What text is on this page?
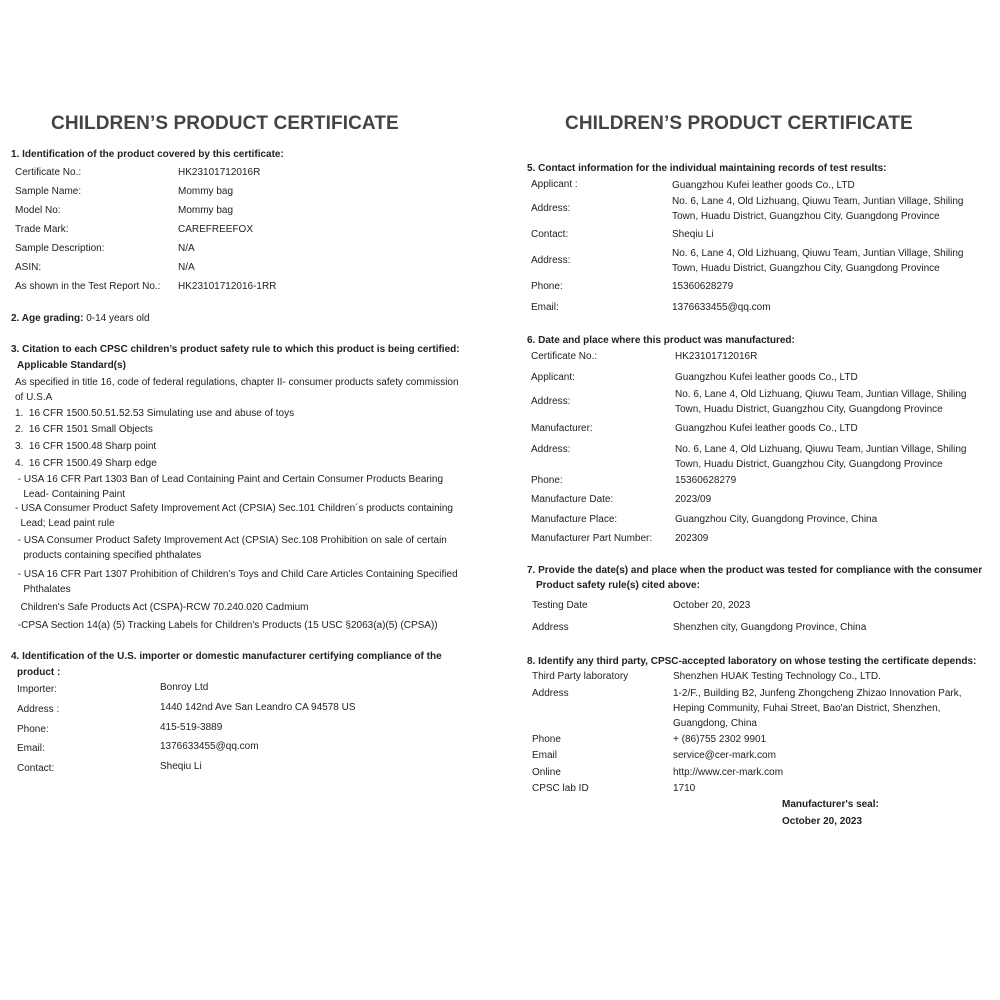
CHILDREN’S PRODUCT CERTIFICATE
1. Identification of the product covered by this certificate:
Certificate No.:	HK23101712016R
Sample Name:	Mommy bag
Model No:	Mommy bag
Trade Mark:	CAREFREEFOX
Sample Description:	N/A
ASIN:	N/A
As shown in the Test Report No.: HK23101712016-1RR
2. Age grading: 0-14 years old
3. Citation to each CPSC children’s product safety rule to which this product is being certified:
Applicable Standard(s)
As specified in title 16, code of federal regulations, chapter II- consumer products safety commission
of U.S.A
1.  16 CFR 1500.50.51.52.53 Simulating use and abuse of toys
2.  16 CFR 1501 Small Objects
3.  16 CFR 1500.48 Sharp point
4.  16 CFR 1500.49 Sharp edge
- USA 16 CFR Part 1303 Ban of Lead Containing Paint and Certain Consumer Products Bearing
Lead- Containing Paint
- USA Consumer Product Safety Improvement Act (CPSIA) Sec.101 Children´s products containing
Lead; Lead paint rule
- USA Consumer Product Safety Improvement Act (CPSIA) Sec.108 Prohibition on sale of certain
products containing specified phthalates
- USA 16 CFR Part 1307 Prohibition of Children’s Toys and Child Care Articles Containing Specified
Phthalates
Children's Safe Products Act (CSPA)-RCW 70.240.020 Cadmium
-CPSA Section 14(a) (5) Tracking Labels for Children's Products (15 USC §2063(a)(5) (CPSA))
4. Identification of the U.S. importer or domestic manufacturer certifying compliance of the
product :
Importer:	Bonroy Ltd
Address :	1440 142nd Ave San Leandro CA 94578 US
Phone:	415-519-3889
Email:	1376633455@qq.com
Contact:	Sheqiu Li
CHILDREN’S PRODUCT CERTIFICATE
5. Contact information for the individual maintaining records of test results:
Applicant :	Guangzhou Kufei leather goods Co., LTD
Address:
No. 6, Lane 4, Old Lizhuang, Qiuwu Team, Juntian Village, Shiling
Town, Huadu District, Guangzhou City, Guangdong Province
Contact:	Sheqiu Li
Address:
No. 6, Lane 4, Old Lizhuang, Qiuwu Team, Juntian Village, Shiling
Town, Huadu District, Guangzhou City, Guangdong Province
Phone:	15360628279
Email:	1376633455@qq.com
6. Date and place where this product was manufactured:
Certificate No.:	HK23101712016R
Applicant:	Guangzhou Kufei leather goods Co., LTD
Address:
No. 6, Lane 4, Old Lizhuang, Qiuwu Team, Juntian Village, Shiling
Town, Huadu District, Guangzhou City, Guangdong Province
Manufacturer:	Guangzhou Kufei leather goods Co., LTD
Address:	No. 6, Lane 4, Old Lizhuang, Qiuwu Team, Juntian Village, Shiling
Town, Huadu District, Guangzhou City, Guangdong Province
Phone:	15360628279
Manufacture Date:	2023/09
Manufacture Place:	Guangzhou City, Guangdong Province, China
Manufacturer Part Number: 202309
7. Provide the date(s) and place when the product was tested for compliance with the consumer
Product safety rule(s) cited above:
Testing Date	October 20, 2023
Address	Shenzhen city, Guangdong Province, China
8. Identify any third party, CPSC-accepted laboratory on whose testing the certificate depends:
Third Party laboratory	Shenzhen HUAK Testing Technology Co., LTD.
Address	1-2/F., Building B2, Junfeng Zhongcheng Zhizao Innovation Park,
Heping Community, Fuhai Street, Bao'an District, Shenzhen,
Guangdong, China
Phone	+ (86)755 2302 9901
Email	service@cer-mark.com
Online	http://www.cer-mark.com
CPSC lab ID	1710
Manufacturer's seal:
October 20, 2023
